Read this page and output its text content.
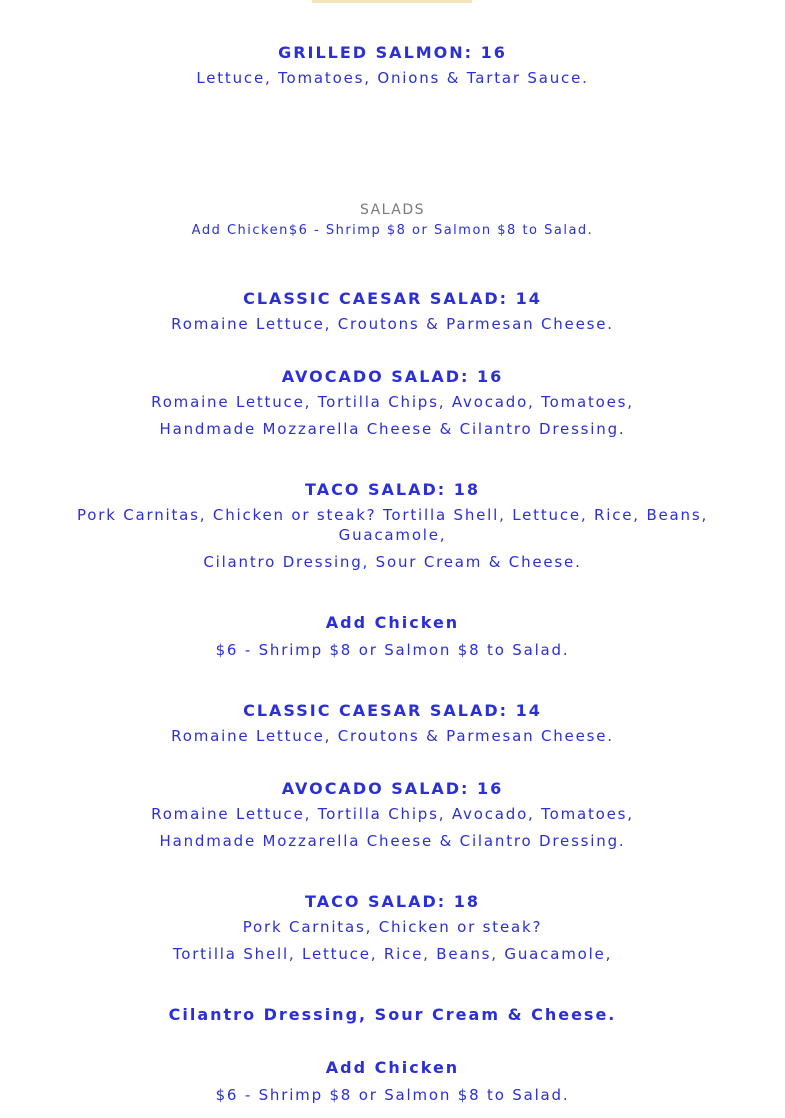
GRILLED SALMON: 16
Lettuce, Tomatoes, Onions & Tartar Sauce.
SALADS
Add Chicken$6 - Shrimp $8 or Salmon $8 to Salad.
CLASSIC CAESAR SALAD: 14
Romaine Lettuce, Croutons & Parmesan Cheese.
AVOCADO SALAD: 16
Romaine Lettuce, Tortilla Chips, Avocado, Tomatoes,
Handmade Mozzarella Cheese & Cilantro Dressing.
TACO SALAD: 18
Pork Carnitas, Chicken or steak? Tortilla Shell, Lettuce, Rice, Beans,
Guacamole,
Cilantro Dressing, Sour Cream & Cheese.
Add Chicken
$6 - Shrimp $8 or Salmon $8 to Salad.
CLASSIC CAESAR SALAD: 14
Romaine Lettuce, Croutons & Parmesan Cheese.
AVOCADO SALAD: 16
Romaine Lettuce, Tortilla Chips, Avocado, Tomatoes,
Handmade Mozzarella Cheese & Cilantro Dressing.
TACO SALAD: 18
Pork Carnitas, Chicken or steak?
Tortilla Shell, Lettuce, Rice, Beans, Guacamole,
Cilantro Dressing, Sour Cream & Cheese.
Add Chicken
$6 - Shrimp $8 or Salmon $8 to Salad.
